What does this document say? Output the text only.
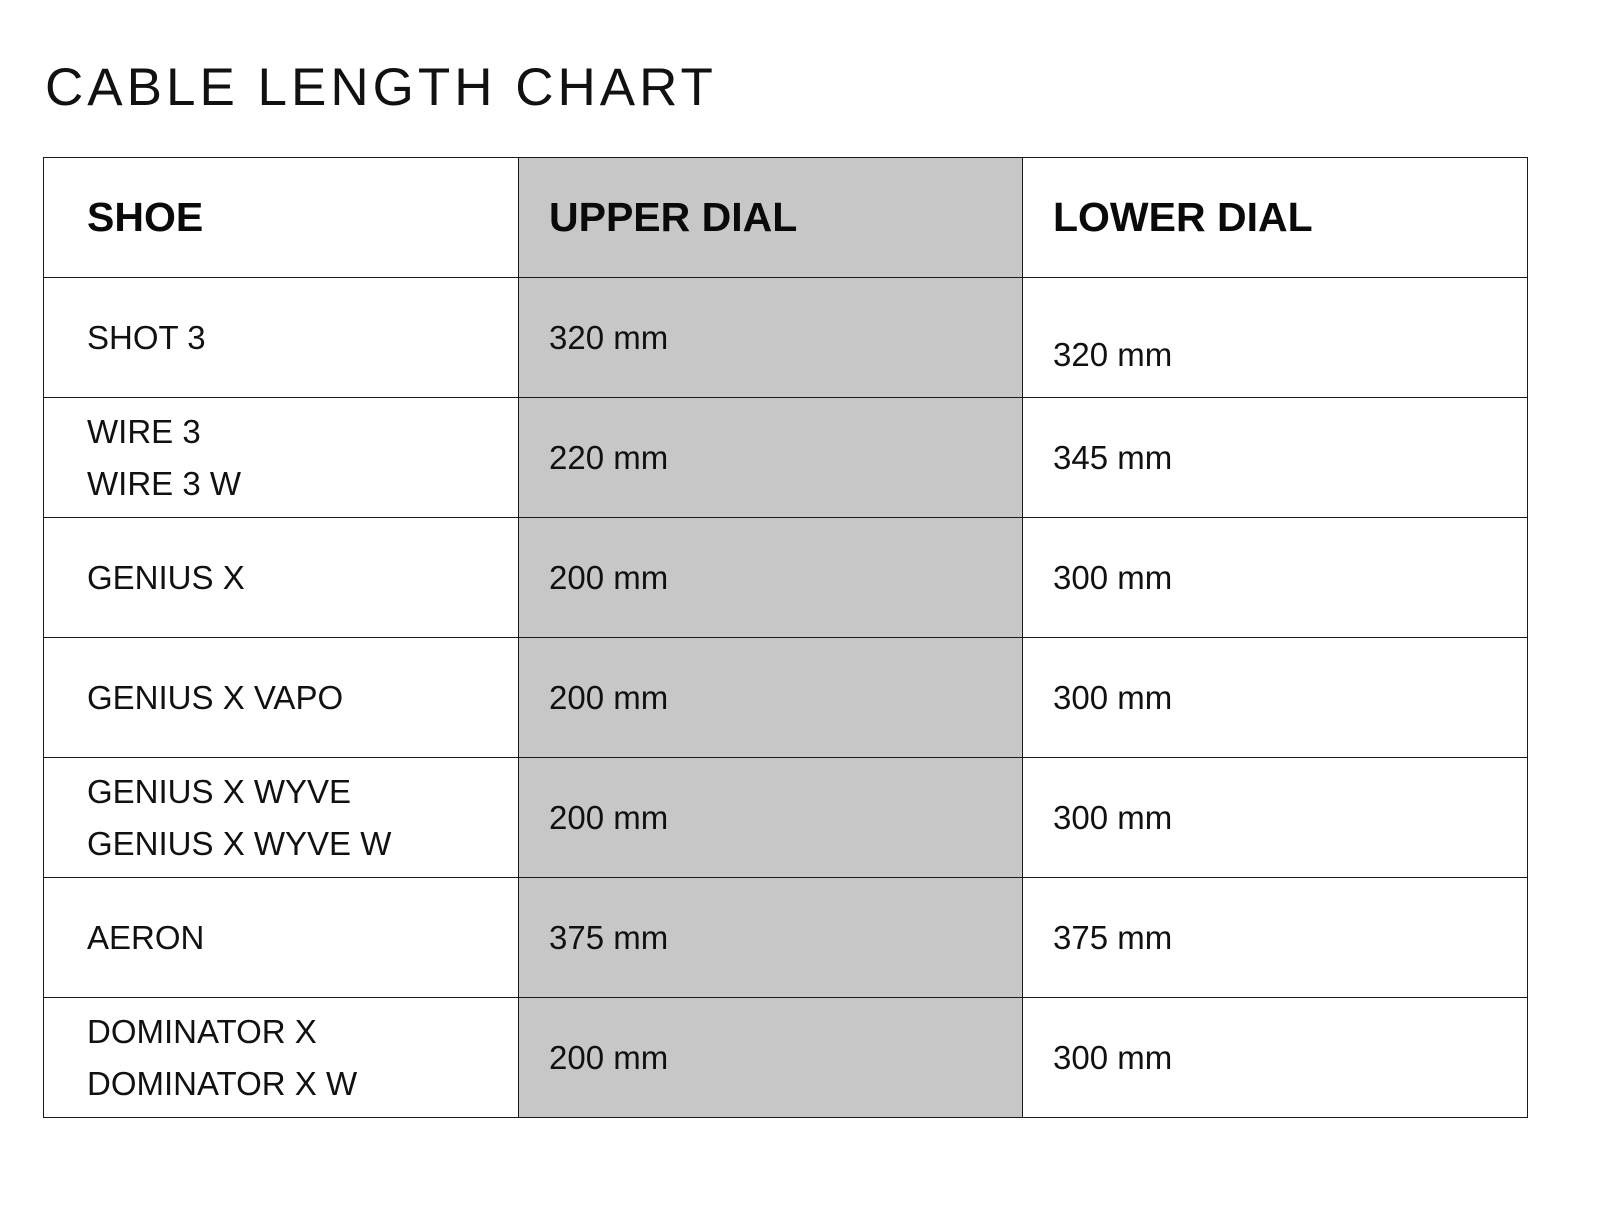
CABLE LENGTH CHART
SHOE	UPPER DIAL	LOWER DIAL

SHOT 3	320 mm	320 mm

WIRE 3
WIRE 3 W	220 mm	345 mm

GENIUS X	200 mm	300 mm

GENIUS X VAPO	200 mm	300 mm

GENIUS X WYVE
GENIUS X WYVE W	200 mm	300 mm

AERON	375 mm	375 mm

DOMINATOR X
DOMINATOR X W	200 mm	300 mm
